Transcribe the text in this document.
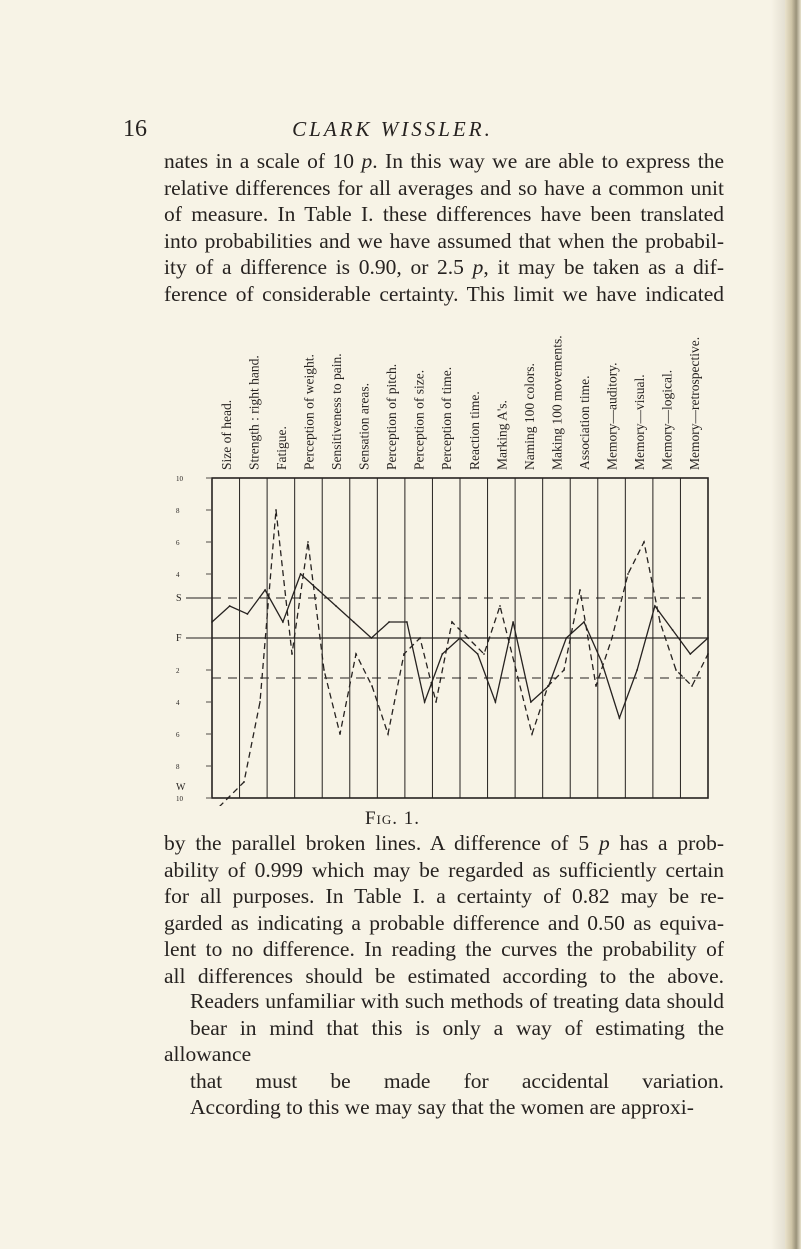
16	CLARK WISSLER.
nates in a scale of 10 p. In this way we are able to express the
relative differences for all averages and so have a common unit
of measure. In Table I. these differences have been translated
into probabilities and we have assumed that when the probabil-
ity of a difference is 0.90, or 2.5 p, it may be taken as a dif-
ference of considerable certainty. This limit we have indicated
Size of head. Strength : right hand. Fatigue. Perception of weight. Sensitiveness to pain. Sensation areas. Perception of pitch. Perception of size. Perception of time. Reaction time. Marking A's. Naming 100 colors. Making 100 movements. Association time. Memory—auditory. Memory—visual. Memory—logical. Memory—retrospective.
10
8
6
4
S
F
2
4
6
8
W
10
Fig. 1.
by the parallel broken lines. A difference of 5 p has a prob-
ability of 0.999 which may be regarded as sufficiently certain
for all purposes. In Table I. a certainty of 0.82 may be re-
garded as indicating a probable difference and 0.50 as equiva-
lent to no difference. In reading the curves the probability of
all differences should be estimated according to the above.
Readers unfamiliar with such methods of treating data should
bear in mind that this is only a way of estimating the allowance
that must be made for accidental variation.
According to this we may say that the women are approxi-
